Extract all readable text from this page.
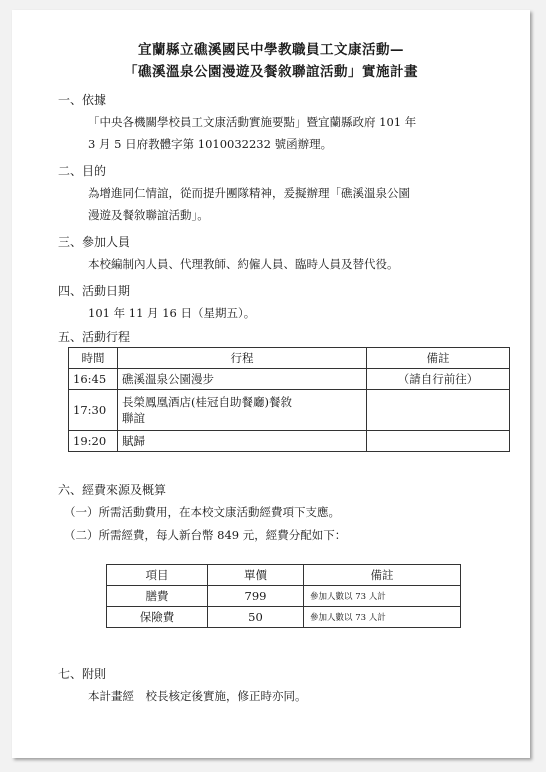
宜蘭縣立礁溪國民中學教職員工文康活動—
「礁溪溫泉公園漫遊及餐敘聯誼活動」實施計畫
一、依據
「中央各機關學校員工文康活動實施要點」暨宜蘭縣政府 101 年
3 月 5 日府教體字第 1010032232 號函辦理。
二、目的
為增進同仁情誼，從而提升團隊精神，爰擬辦理「礁溪溫泉公園
漫遊及餐敘聯誼活動」。
三、參加人員
本校編制內人員、代理教師、約僱人員、臨時人員及替代役。
四、活動日期
101 年 11 月 16 日（星期五）。
五、活動行程
時間	行程	備註
16:45	礁溪溫泉公園漫步	（請自行前往）
17:30	長榮鳳凰酒店(桂冠自助餐廳)餐敘
聯誼	

19:20	賦歸	
六、經費來源及概算
（一）所需活動費用，在本校文康活動經費項下支應。
（二）所需經費，每人新台幣 849 元，經費分配如下：
項目	單價	備註
膳費	799	參加人數以 73 人計
保險費	50	參加人數以 73 人計
七、附則
本計畫經　校長核定後實施，修正時亦同。
